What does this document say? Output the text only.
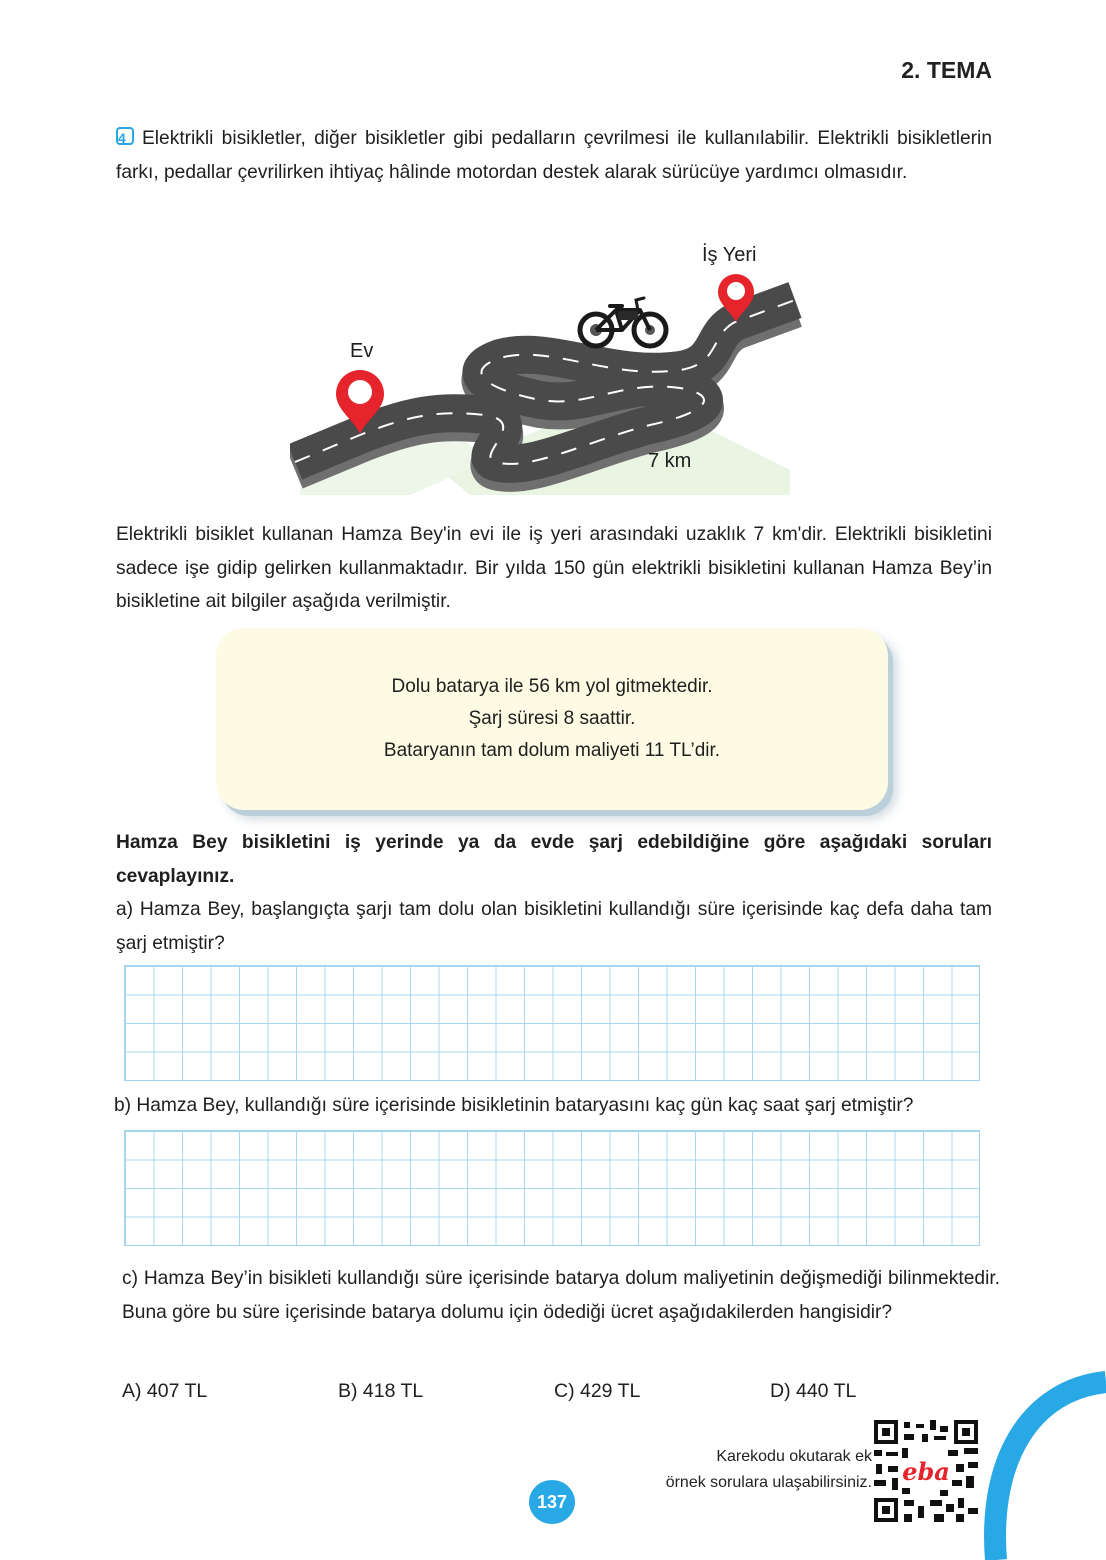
2. TEMA
4 Elektrikli bisikletler, diğer bisikletler gibi pedalların çevrilmesi ile kullanılabilir. Elektrikli bisikletlerin farkı, pedallar çevrilirken ihtiyaç hâlinde motordan destek alarak sürücüye yardımcı olmasıdır.
Ev
İş Yeri
7 km
Elektrikli bisiklet kullanan Hamza Bey'in evi ile iş yeri arasındaki uzaklık 7 km'dir. Elektrikli bisikletini sadece işe gidip gelirken kullanmaktadır. Bir yılda 150 gün elektrikli bisikletini kullanan Hamza Bey’in bisikletine ait bilgiler aşağıda verilmiştir.
Dolu batarya ile 56 km yol gitmektedir.
Şarj süresi 8 saattir.
Bataryanın tam dolum maliyeti 11 TL’dir.
Hamza Bey bisikletini iş yerinde ya da evde şarj edebildiğine göre aşağıdaki soruları cevaplayınız.
a) Hamza Bey, başlangıçta şarjı tam dolu olan bisikletini kullandığı süre içerisinde kaç defa daha tam şarj etmiştir?
b) Hamza Bey, kullandığı süre içerisinde bisikletinin bataryasını kaç gün kaç saat şarj etmiştir?
c) Hamza Bey’in bisikleti kullandığı süre içerisinde batarya dolum maliyetinin değişmediği bilinmektedir. Buna göre bu süre içerisinde batarya dolumu için ödediği ücret aşağıdakilerden hangisidir?
A) 407 TL	B) 418 TL	C) 429 TL	D) 440 TL
Karekodu okutarak ek
örnek sorulara ulaşabilirsiniz. eba
137
